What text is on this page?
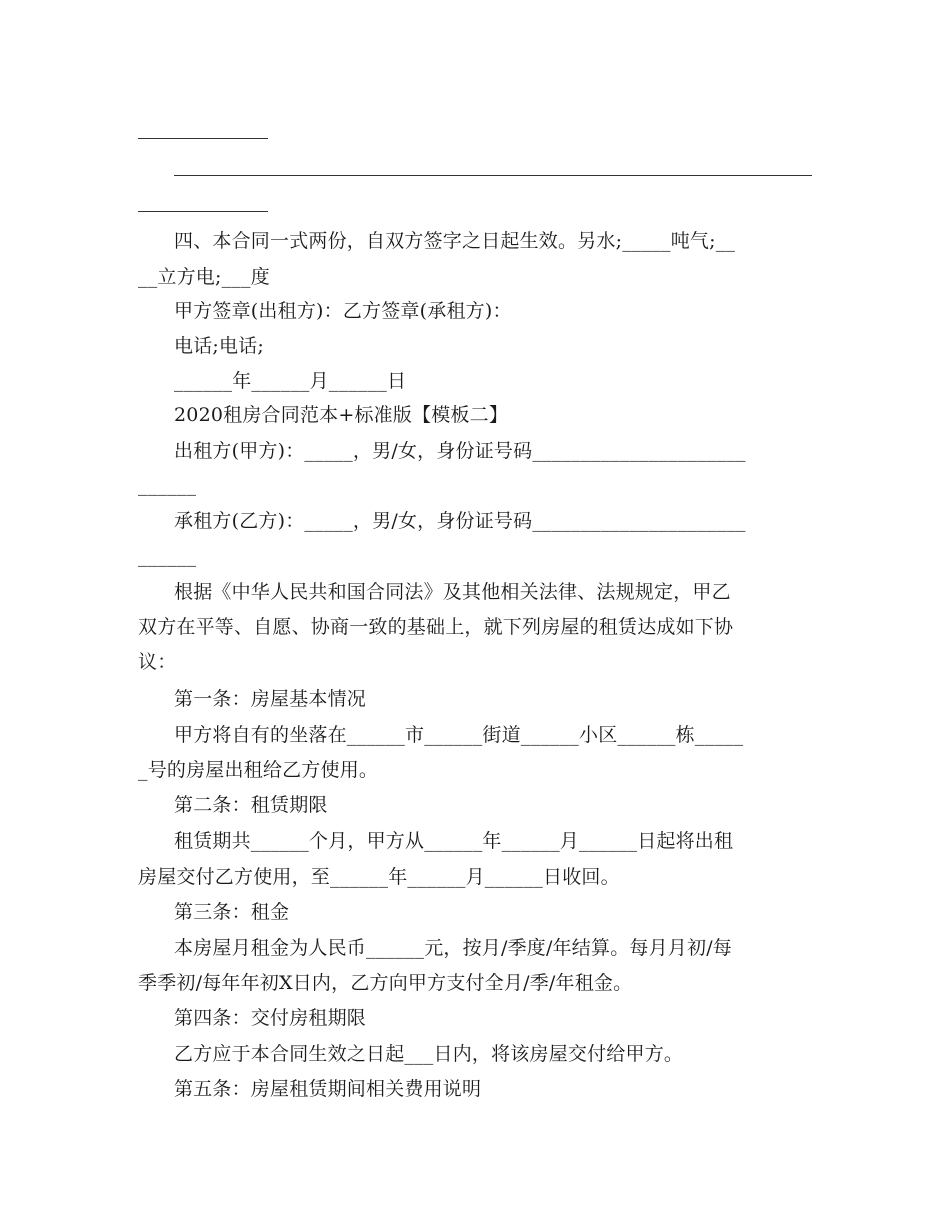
四、本合同一式两份，自双方签字之日起生效。另水;_____吨气;__
__立方电;___度
甲方签章(出租方)：乙方签章(承租方)：
电话;电话;
______年______月______日
2020租房合同范本+标准版【模板二】
出租方(甲方)：_____，男/女，身份证号码______________________
______
承租方(乙方)：_____，男/女，身份证号码______________________
______
根据《中华人民共和国合同法》及其他相关法律、法规规定，甲乙
双方在平等、自愿、协商一致的基础上，就下列房屋的租赁达成如下协
议：
第一条：房屋基本情况
甲方将自有的坐落在______市______街道______小区______栋_____
_号的房屋出租给乙方使用。
第二条：租赁期限
租赁期共______个月，甲方从______年______月______日起将出租
房屋交付乙方使用，至______年______月______日收回。
第三条：租金
本房屋月租金为人民币______元，按月/季度/年结算。每月月初/每
季季初/每年年初X日内，乙方向甲方支付全月/季/年租金。
第四条：交付房租期限
乙方应于本合同生效之日起___日内，将该房屋交付给甲方。
第五条：房屋租赁期间相关费用说明
